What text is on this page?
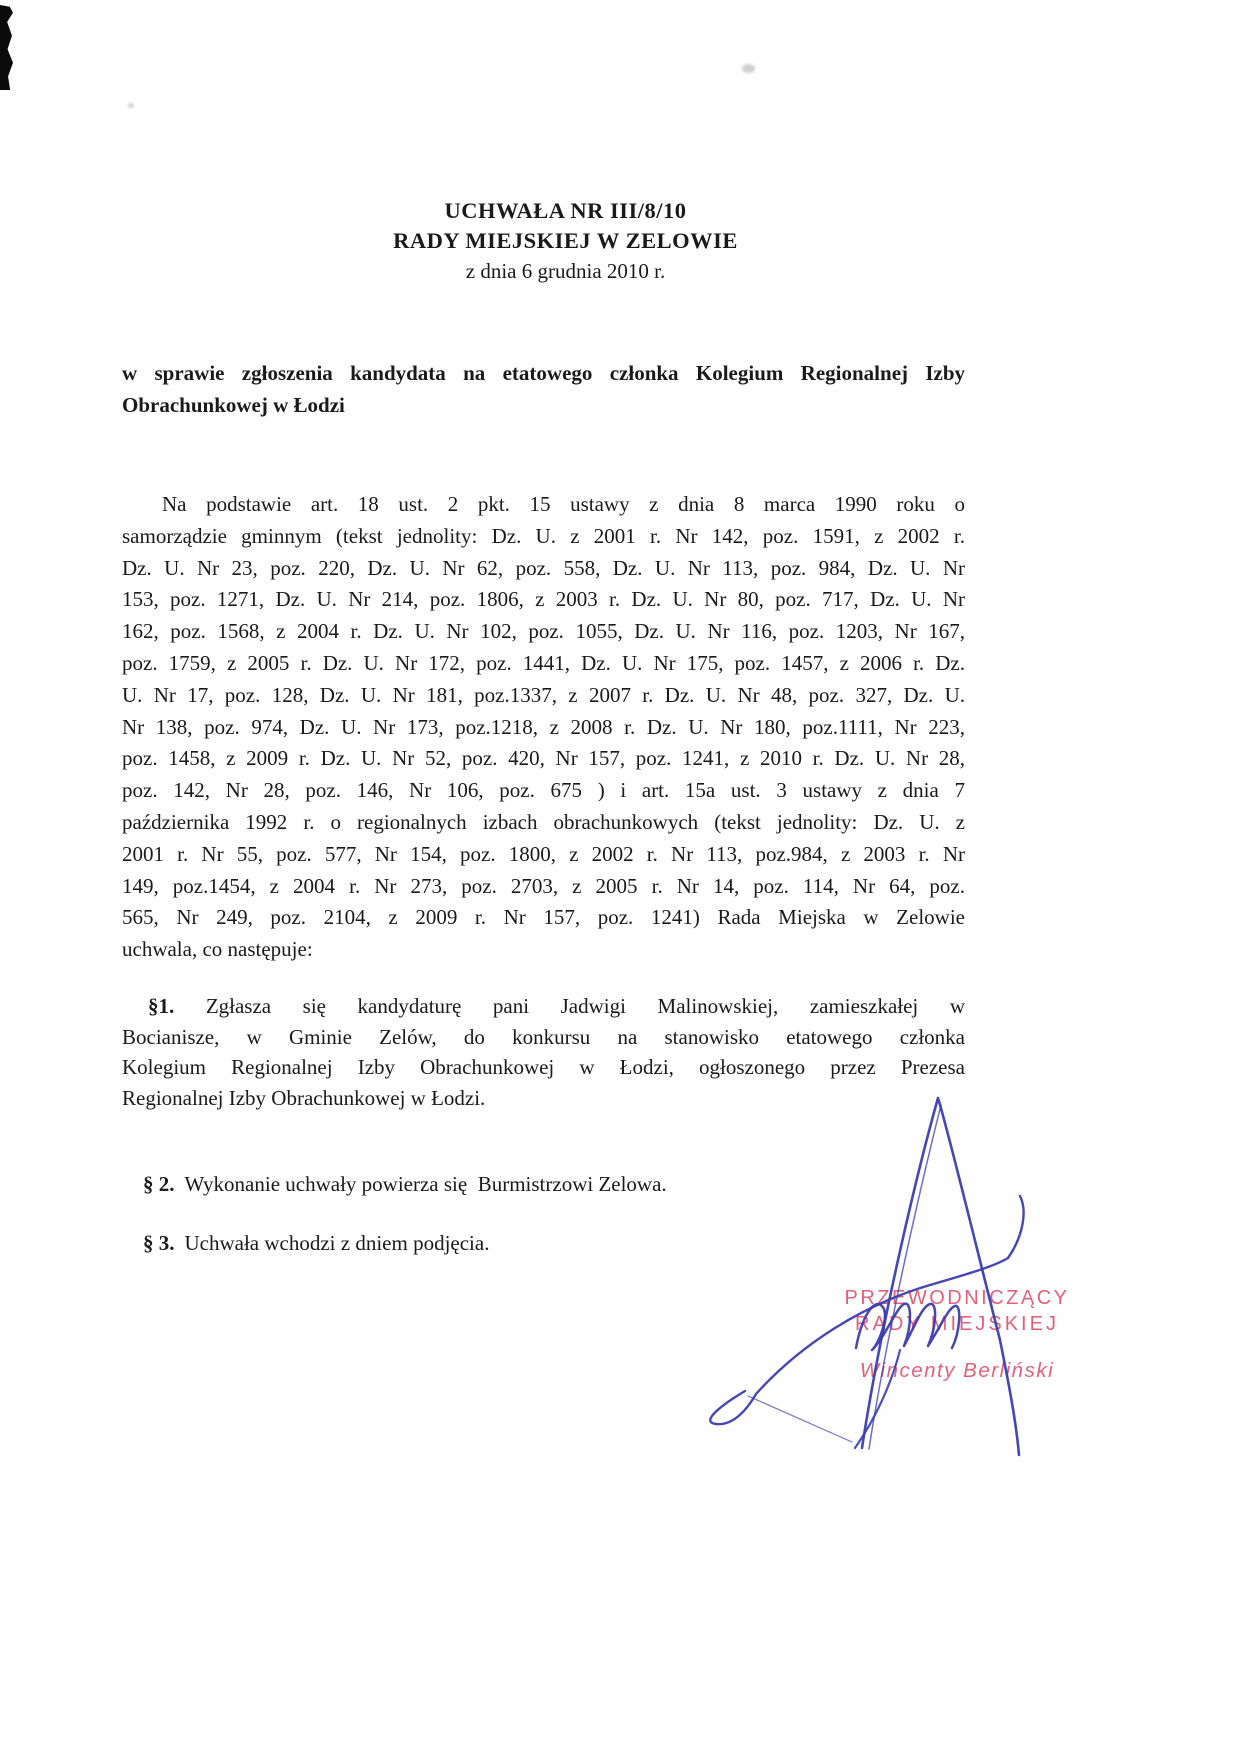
UCHWAŁA NR III/8/10
RADY MIEJSKIEJ W ZELOWIE
z dnia 6 grudnia 2010 r.
w sprawie zgłoszenia kandydata na etatowego członka Kolegium Regionalnej Izby
Obrachunkowej w Łodzi
Na podstawie art. 18 ust. 2 pkt. 15 ustawy z dnia 8 marca 1990 roku o
samorządzie gminnym (tekst jednolity: Dz. U. z 2001 r. Nr 142, poz. 1591, z 2002 r.
Dz. U. Nr 23, poz. 220, Dz. U. Nr 62, poz. 558, Dz. U. Nr 113, poz. 984, Dz. U. Nr
153, poz. 1271, Dz. U. Nr 214, poz. 1806, z 2003 r. Dz. U. Nr 80, poz. 717, Dz. U. Nr
162, poz. 1568, z 2004 r. Dz. U. Nr 102, poz. 1055, Dz. U. Nr 116, poz. 1203, Nr 167,
poz. 1759, z 2005 r. Dz. U. Nr 172, poz. 1441, Dz. U. Nr 175, poz. 1457, z 2006 r. Dz.
U. Nr 17, poz. 128, Dz. U. Nr 181, poz.1337, z 2007 r. Dz. U. Nr 48, poz. 327, Dz. U.
Nr 138, poz. 974, Dz. U. Nr 173, poz.1218, z 2008 r. Dz. U. Nr 180, poz.1111, Nr 223,
poz. 1458, z 2009 r. Dz. U. Nr 52, poz. 420, Nr 157, poz. 1241, z 2010 r. Dz. U. Nr 28,
poz. 142, Nr 28, poz. 146, Nr 106, poz. 675 ) i art. 15a ust. 3 ustawy z dnia 7
października 1992 r. o regionalnych izbach obrachunkowych (tekst jednolity: Dz. U. z
2001 r. Nr 55, poz. 577, Nr 154, poz. 1800, z 2002 r. Nr 113, poz.984, z 2003 r. Nr
149, poz.1454, z 2004 r. Nr 273, poz. 2703, z 2005 r. Nr 14, poz. 114, Nr 64, poz.
565, Nr 249, poz. 2104, z 2009 r. Nr 157, poz. 1241) Rada Miejska w Zelowie
uchwala, co następuje:
§1. Zgłasza się kandydaturę pani Jadwigi Malinowskiej, zamieszkałej w
Bocianisze, w Gminie Zelów, do konkursu na stanowisko etatowego członka
Kolegium Regionalnej Izby Obrachunkowej w Łodzi, ogłoszonego przez Prezesa
Regionalnej Izby Obrachunkowej w Łodzi.

§ 2. Wykonanie uchwały powierza się  Burmistrzowi Zelowa.

§ 3. Uchwała wchodzi z dniem podjęcia.

PRZEWODNICZĄCY
RADY MIEJSKIEJ
Wincenty Berliński
